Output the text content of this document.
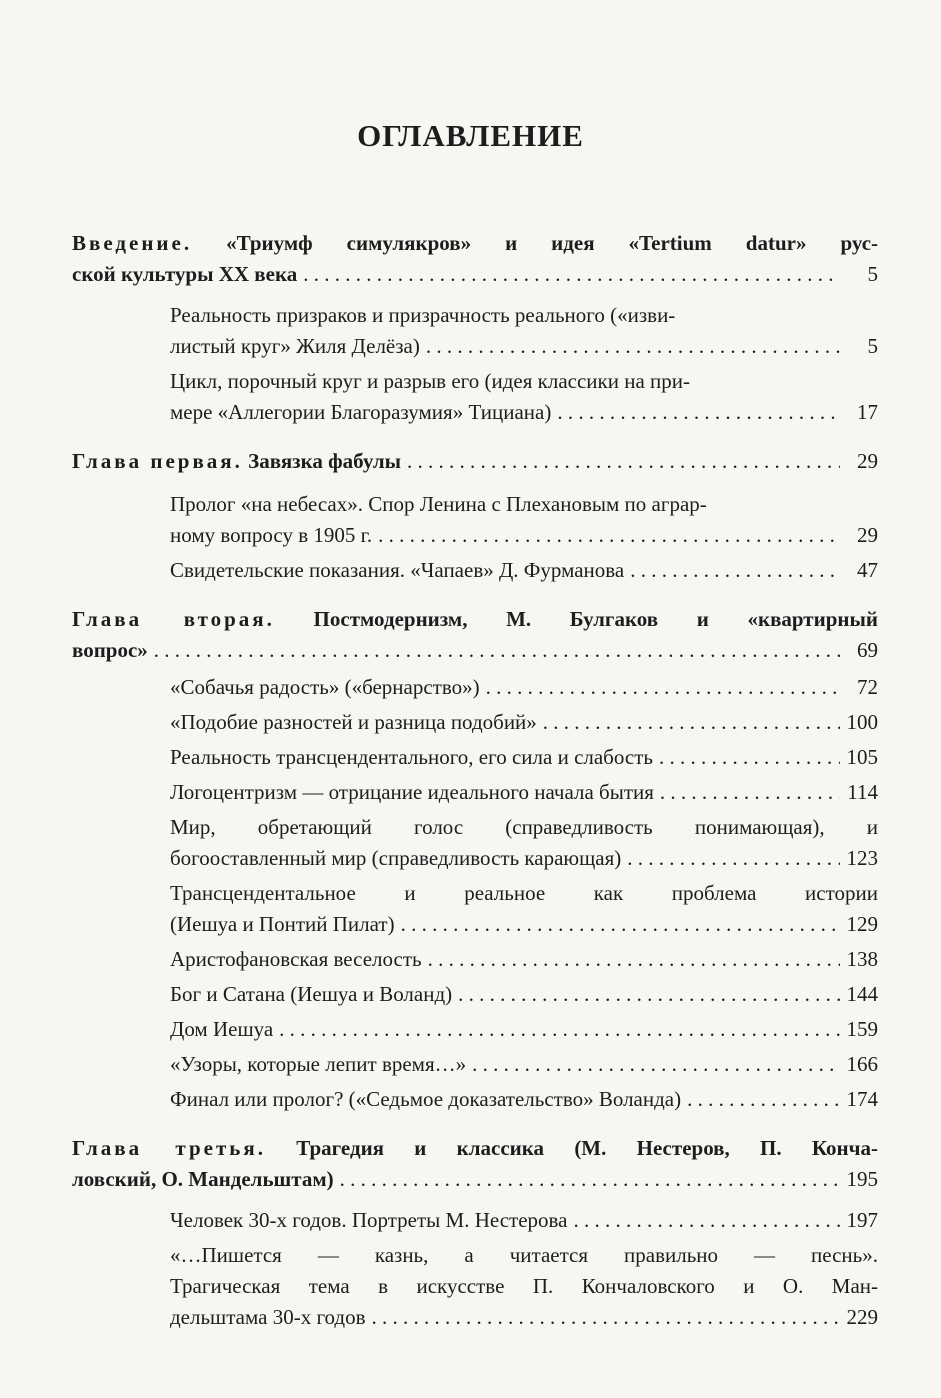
ОГЛАВЛЕНИЕ
Введение. «Триумф симулякров» и идея «Tertium datur» рус-
ской культуры XX века . . .	5
Реальность призраков и призрачность реального («изви-
листый круг» Жиля Делёза) . . .	5
Цикл, порочный круг и разрыв его (идея классики на при-
мере «Аллегории Благоразумия» Тициана) . . .	17
Глава первая. Завязка фабулы . . .	29
Пролог «на небесах». Спор Ленина с Плехановым по аграр-
ному вопросу в 1905 г. . . .	29
Свидетельские показания. «Чапаев» Д. Фурманова . . .	47
Глава вторая. Постмодернизм, М. Булгаков и «квартирный
вопрос» . . .	69
«Собачья радость» («бернарство») . . .	72
«Подобие разностей и разница подобий» . . .	100
Реальность трансцендентального, его сила и слабость . . .	105
Логоцентризм — отрицание идеального начала бытия . . .	114
Мир, обретающий голос (справедливость понимающая), и
богооставленный мир (справедливость карающая) . . .	123
Трансцендентальное и реальное как проблема истории
(Иешуа и Понтий Пилат) . . .	129
Аристофановская веселость . . .	138
Бог и Сатана (Иешуа и Воланд) . . .	144
Дом Иешуа . . .	159
«Узоры, которые лепит время…» . . .	166
Финал или пролог? («Седьмое доказательство» Воланда) . . .	174
Глава третья. Трагедия и классика (М. Нестеров, П. Конча-
ловский, О. Мандельштам) . . .	195
Человек 30-х годов. Портреты М. Нестерова . . .	197
«…Пишется — казнь, а читается правильно — песнь».
Трагическая тема в искусстве П. Кончаловского и О. Ман-
дельштама 30-х годов . . .	229
